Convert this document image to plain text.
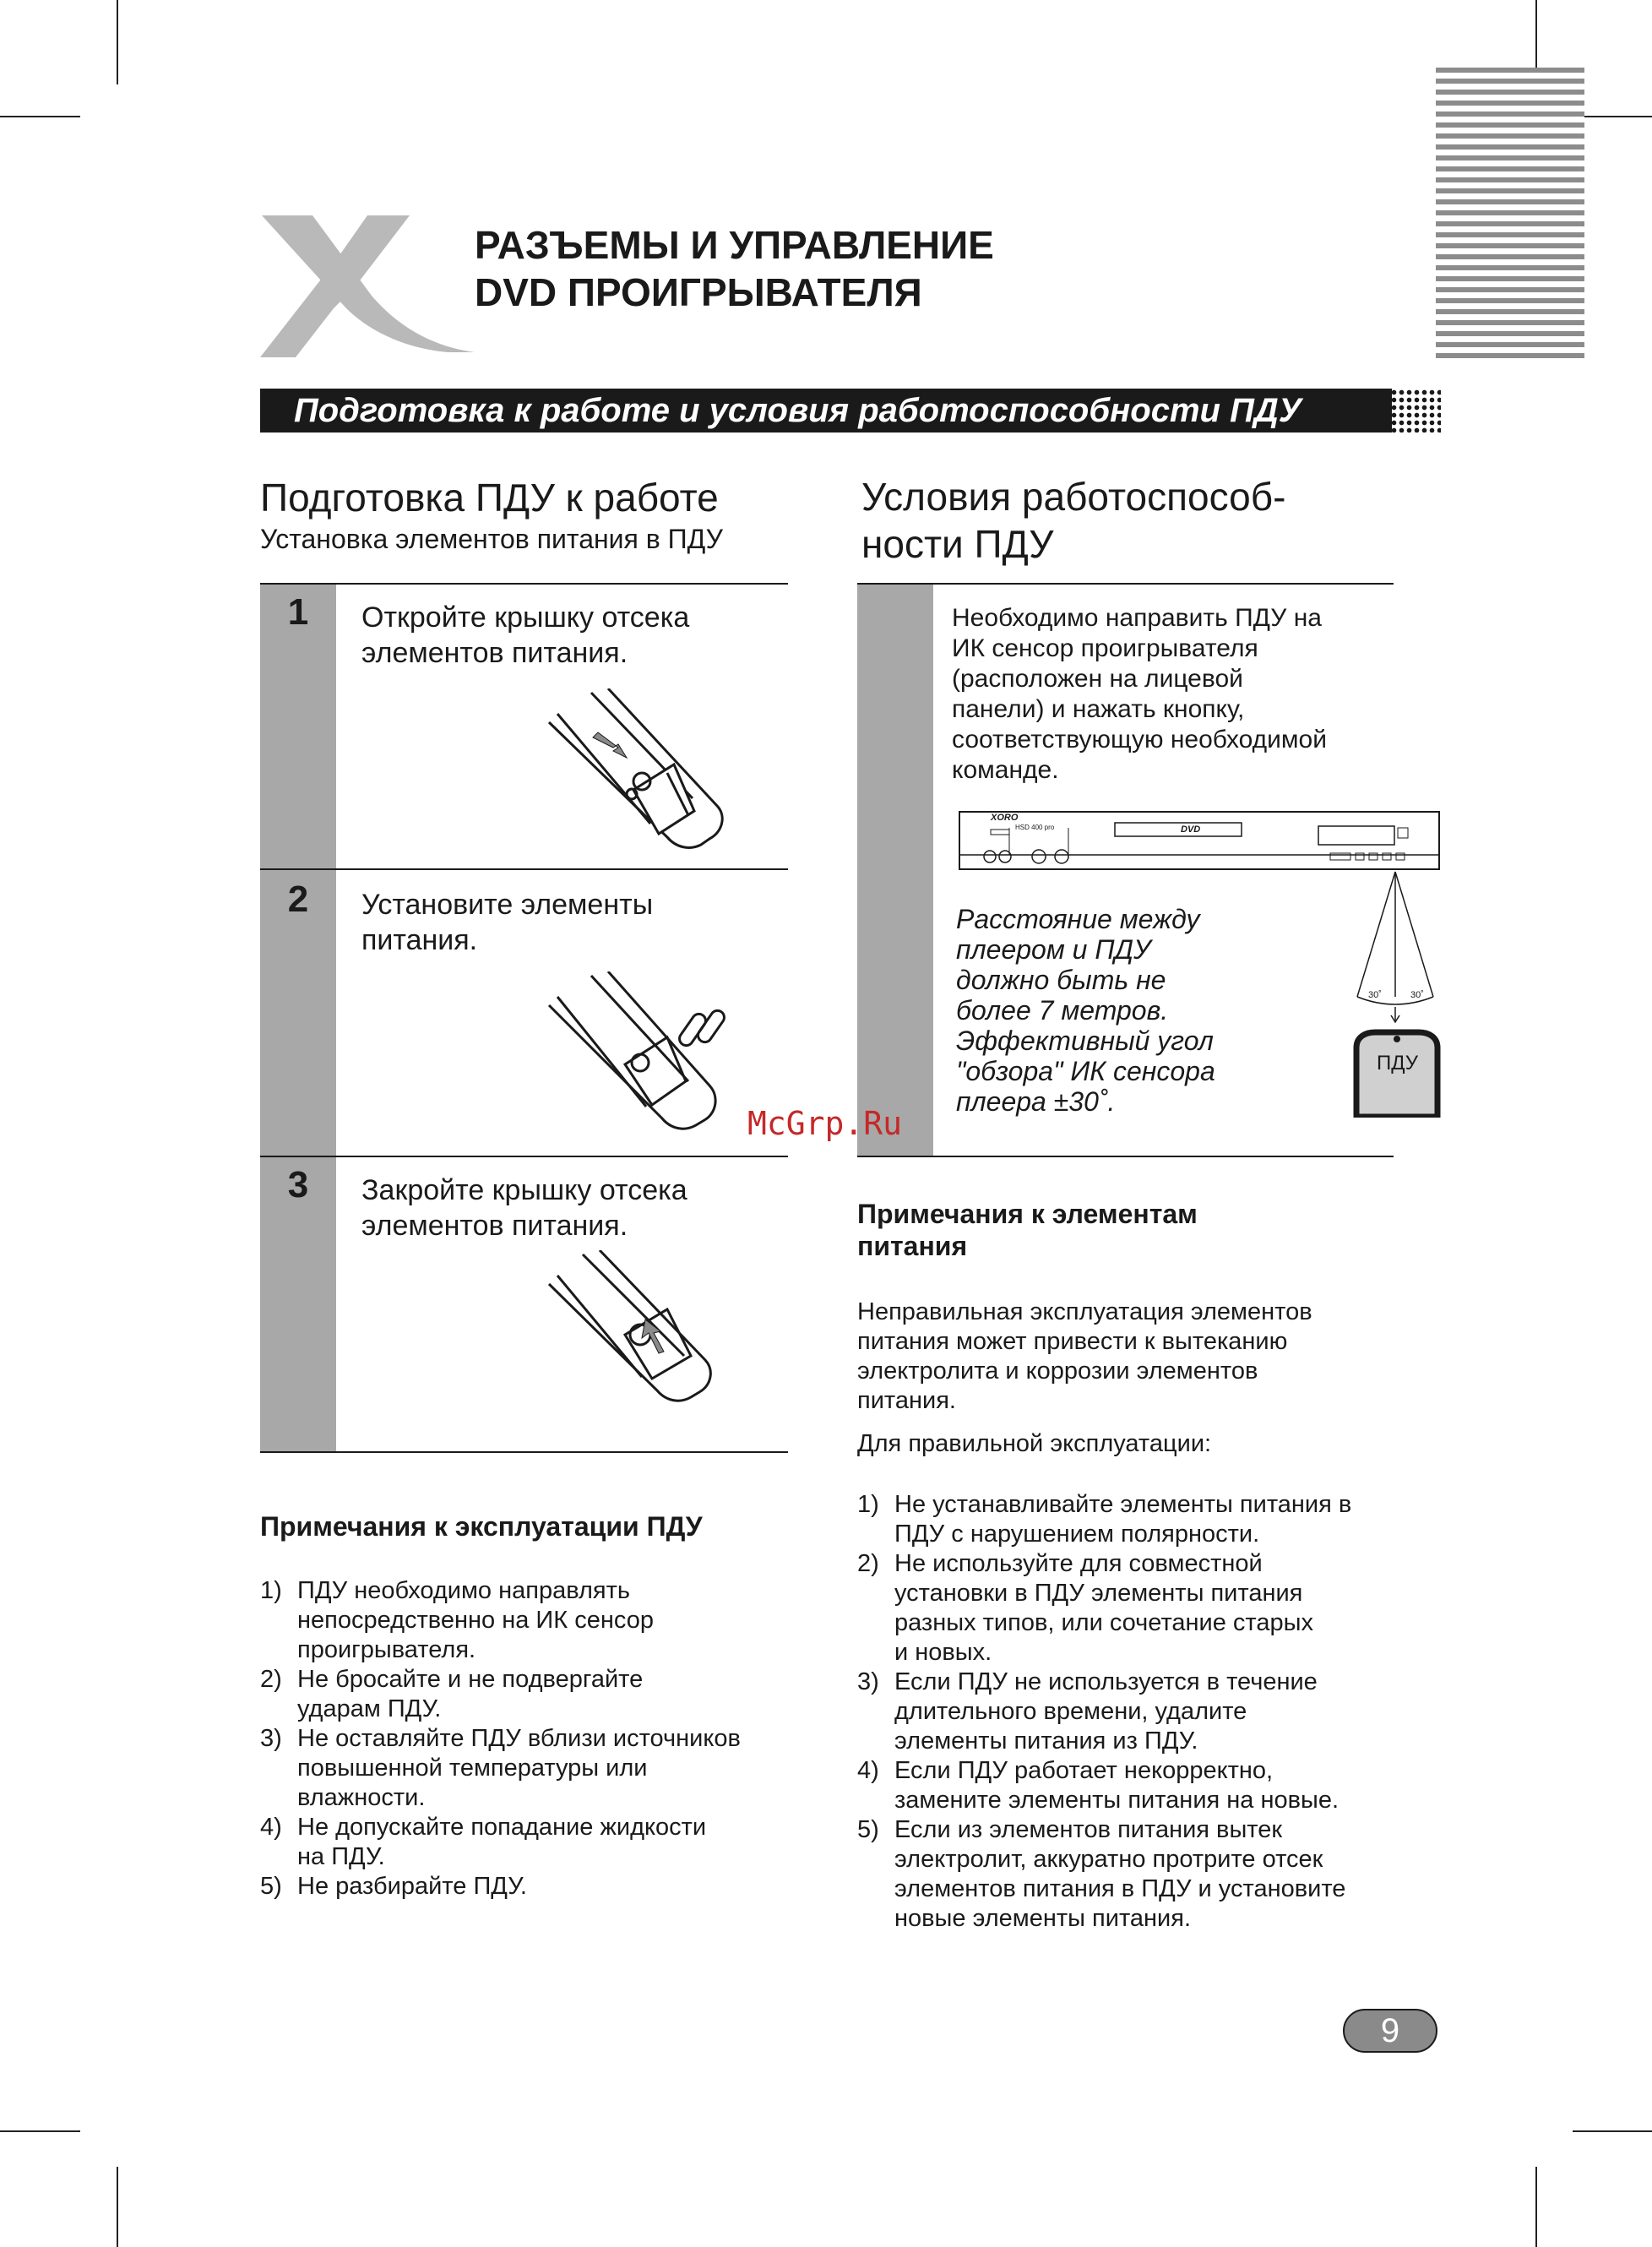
РАЗЪЕМЫ И УПРАВЛЕНИЕ
DVD ПРОИГРЫВАТЕЛЯ
Подготовка к работе и условия работоспособности ПДУ
Подготовка ПДУ к работе
Установка элементов питания в ПДУ
Условия работоспособ-
ности ПДУ
1	Откройте крышку отсека
элементов питания.
2	Установите элементы
питания.
3	Закройте крышку отсека
элементов питания.
Примечания к эксплуатации ПДУ
1) ПДУ необходимо направлять
непосредственно на ИК сенсор
проигрывателя.
2) Не бросайте и не подвергайте
ударам ПДУ.
3) Не оставляйте ПДУ вблизи источников
повышенной температуры или
влажности.
4) Не допускайте попадание жидкости
на ПДУ.
5) Не разбирайте ПДУ.
Необходимо направить ПДУ на
ИК сенсор проигрывателя
(расположен на лицевой
панели) и нажать кнопку,
соответствующую необходимой
команде.
XORO
HSD 400 pro	DVD
30˚	30˚
ПДУ
Расстояние между
плеером и ПДУ
должно быть не
более 7 метров.
Эффективный угол
"обзора" ИК сенсора
плеера ±30˚.
Примечания к элементам
питания
Неправильная эксплуатация элементов
питания может привести к вытеканию
электролита и коррозии элементов
питания.
Для правильной эксплуатации:
1) Не устанавливайте элементы питания в
ПДУ с нарушением полярности.
2) Не используйте для совместной
установки в ПДУ элементы питания
разных типов, или сочетание старых
и новых.
3) Если ПДУ не используется в течение
длительного времени, удалите
элементы питания из ПДУ.
4) Если ПДУ работает некорректно,
замените элементы питания на новые.
5) Если из элементов питания вытек
электролит, аккуратно протрите отсек
элементов питания в ПДУ и установите
новые элементы питания.
McGrp.Ru
9
